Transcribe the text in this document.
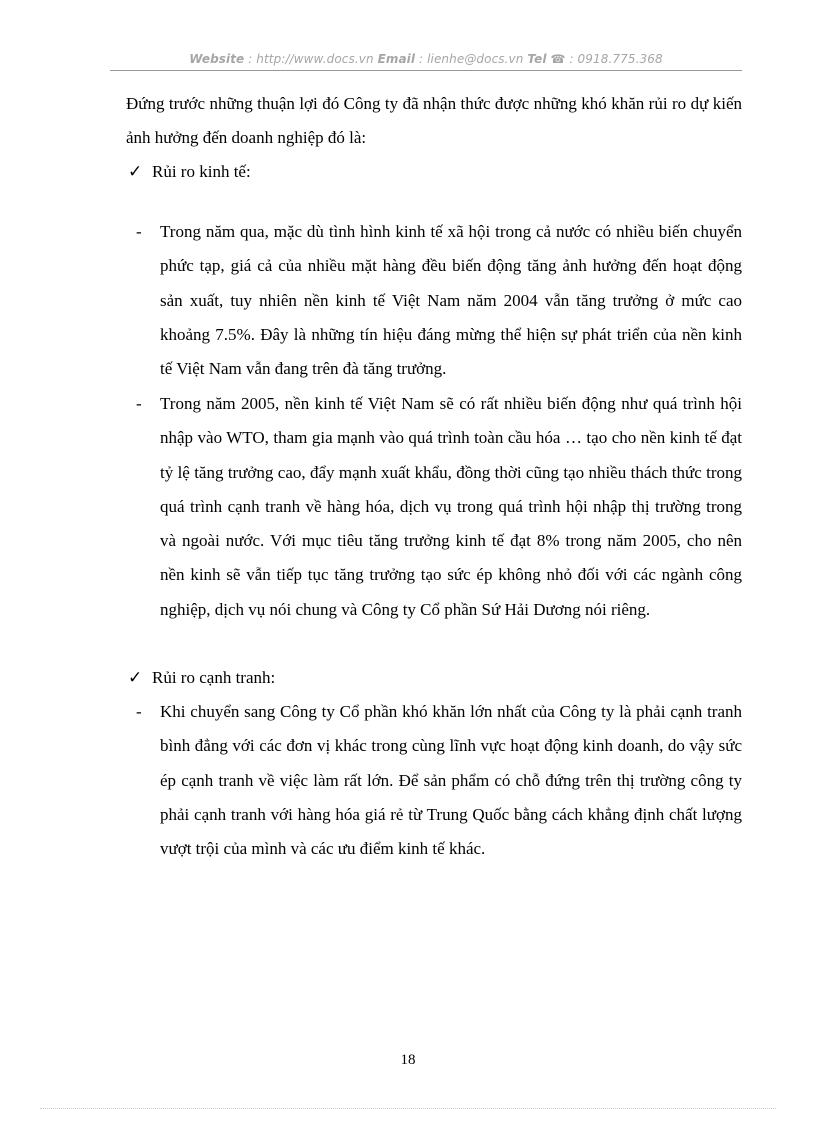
Website : http://www.docs.vn Email : lienhe@docs.vn Tel ☎ : 0918.775.368
Đứng trước những thuận lợi đó Công ty đã nhận thức được những khó khăn rủi ro dự kiến ảnh hưởng đến doanh nghiệp đó là:
✓ Rủi ro kinh tế:
- Trong năm qua, mặc dù tình hình kinh tế xã hội trong cả nước có nhiều biến chuyển phức tạp, giá cả của nhiều mặt hàng đều biến động tăng ảnh hưởng đến hoạt động sản xuất, tuy nhiên nền kinh tế Việt Nam năm 2004 vẫn tăng trưởng ở mức cao khoảng 7.5%. Đây là những tín hiệu đáng mừng thể hiện sự phát triển của nền kinh tế Việt Nam vẫn đang trên đà tăng trưởng.
- Trong năm 2005, nền kinh tế Việt Nam sẽ có rất nhiều biến động như quá trình hội nhập vào WTO, tham gia mạnh vào quá trình toàn cầu hóa … tạo cho nền kinh tế đạt tỷ lệ tăng trưởng cao, đẩy mạnh xuất khẩu, đồng thời cũng tạo nhiều thách thức trong quá trình cạnh tranh về hàng hóa, dịch vụ trong quá trình hội nhập thị trường trong và ngoài nước. Với mục tiêu tăng trưởng kinh tế đạt 8% trong năm 2005, cho nên nền kinh sẽ vẫn tiếp tục tăng trưởng tạo sức ép không nhỏ đối với các ngành công nghiệp, dịch vụ nói chung và Công ty Cổ phần Sứ Hải Dương nói riêng.
✓ Rủi ro cạnh tranh:
- Khi chuyển sang Công ty Cổ phần khó khăn lớn nhất của Công ty là phải cạnh tranh bình đẳng với các đơn vị khác trong cùng lĩnh vực hoạt động kinh doanh, do vậy sức ép cạnh tranh về việc làm rất lớn. Để sản phẩm có chỗ đứng trên thị trường công ty phải cạnh tranh với hàng hóa giá rẻ từ Trung Quốc bằng cách khẳng định chất lượng vượt trội của mình và các ưu điểm kinh tế khác.
18
